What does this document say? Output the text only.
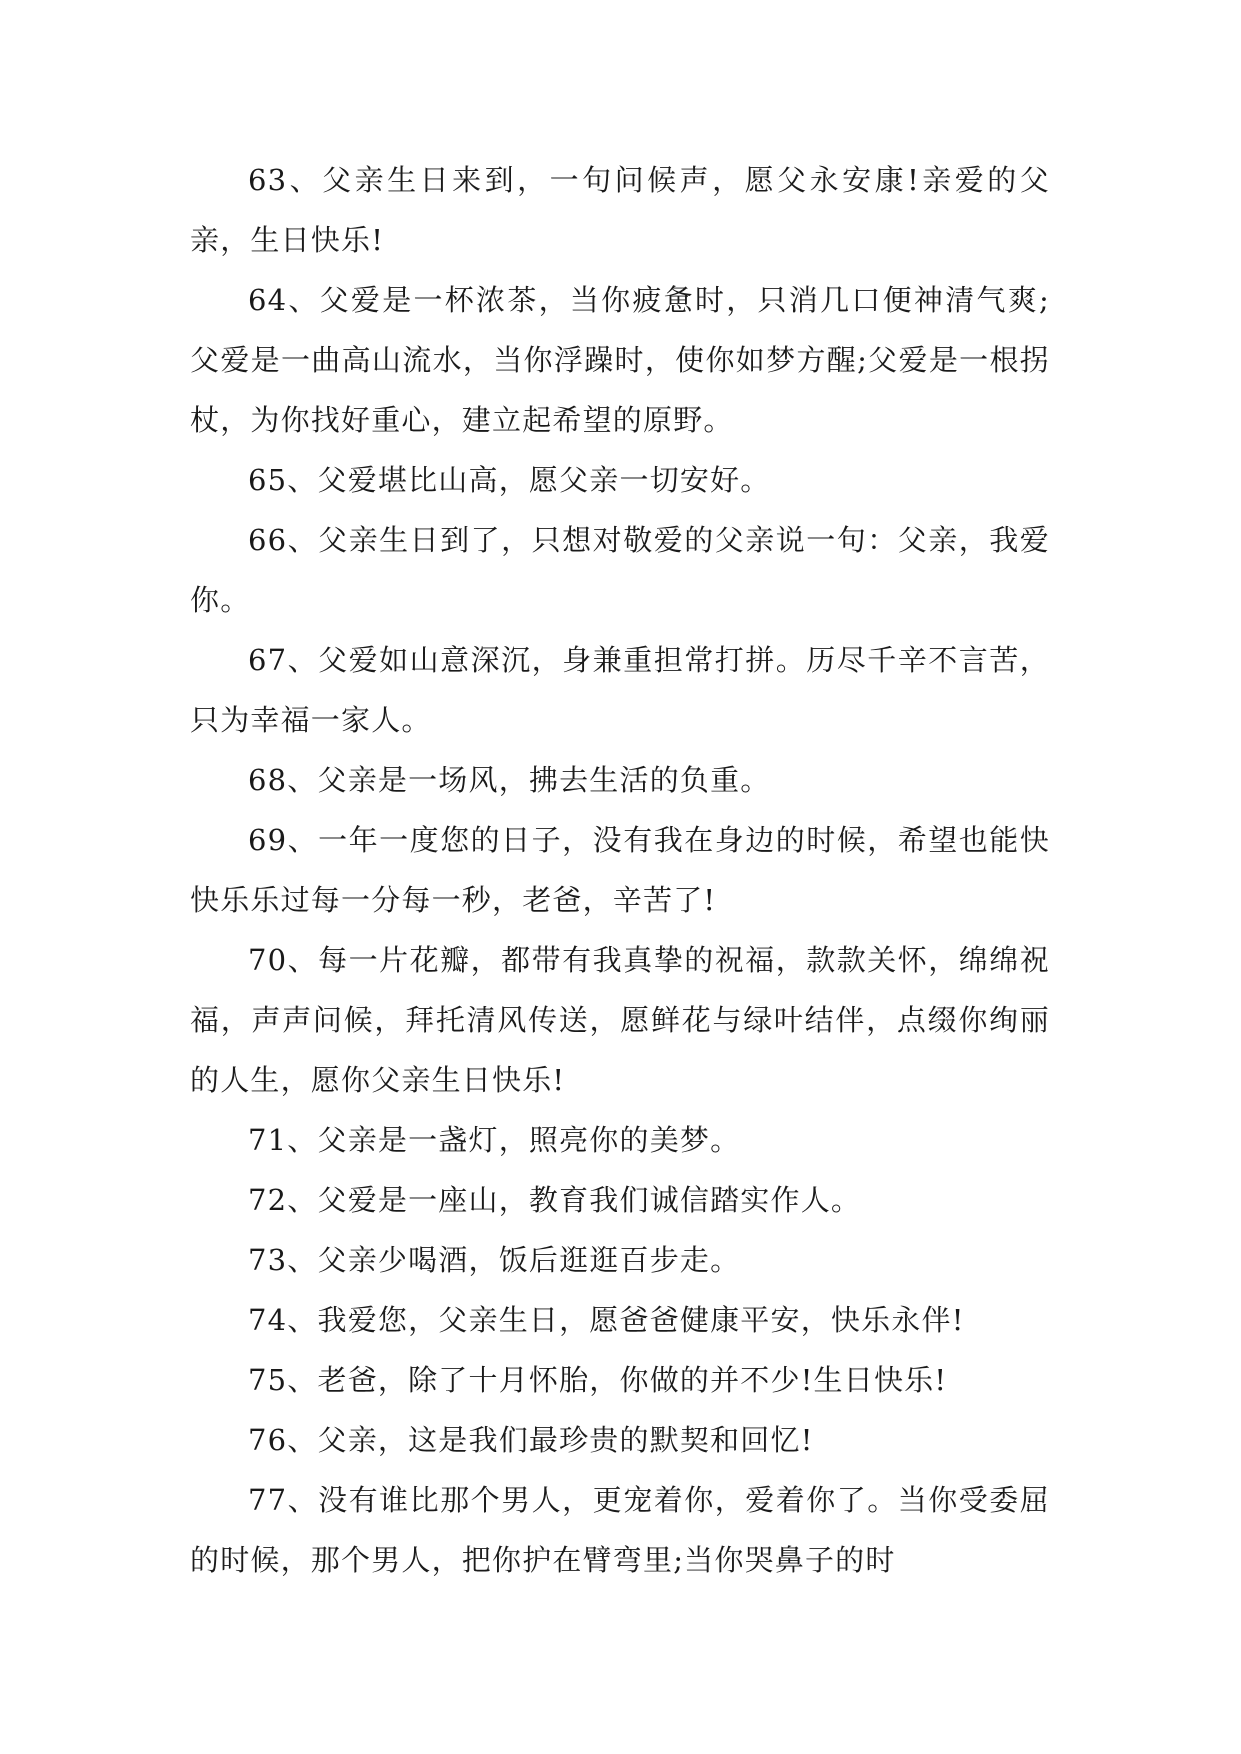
63、父亲生日来到，一句问候声，愿父永安康!亲爱的父亲，生日快乐!

64、父爱是一杯浓茶，当你疲惫时，只消几口便神清气爽;父爱是一曲高山流水，当你浮躁时，使你如梦方醒;父爱是一根拐杖，为你找好重心，建立起希望的原野。

65、父爱堪比山高，愿父亲一切安好。

66、父亲生日到了，只想对敬爱的父亲说一句：父亲，我爱你。

67、父爱如山意深沉，身兼重担常打拼。历尽千辛不言苦，只为幸福一家人。

68、父亲是一场风，拂去生活的负重。

69、一年一度您的日子，没有我在身边的时候，希望也能快快乐乐过每一分每一秒，老爸，辛苦了!

70、每一片花瓣，都带有我真挚的祝福，款款关怀，绵绵祝福，声声问候，拜托清风传送，愿鲜花与绿叶结伴，点缀你绚丽的人生，愿你父亲生日快乐!

71、父亲是一盏灯，照亮你的美梦。

72、父爱是一座山，教育我们诚信踏实作人。

73、父亲少喝酒，饭后逛逛百步走。

74、我爱您，父亲生日，愿爸爸健康平安，快乐永伴!

75、老爸，除了十月怀胎，你做的并不少!生日快乐!

76、父亲，这是我们最珍贵的默契和回忆!

77、没有谁比那个男人，更宠着你，爱着你了。当你受委屈的时候，那个男人，把你护在臂弯里;当你哭鼻子的时
